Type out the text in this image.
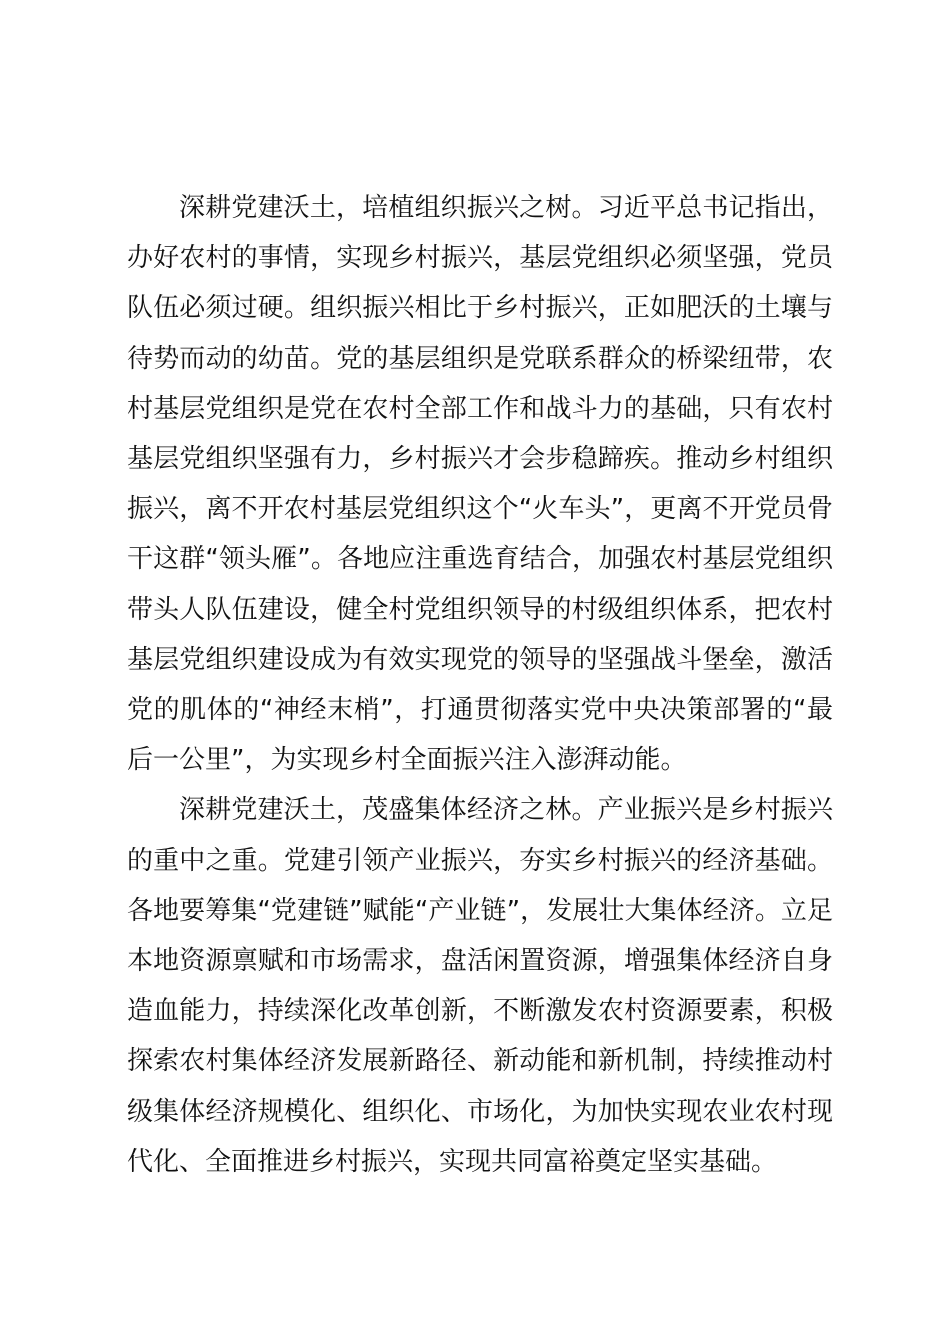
深耕党建沃土，培植组织振兴之树。习近平总书记指出，办好农村的事情，实现乡村振兴，基层党组织必须坚强，党员队伍必须过硬。组织振兴相比于乡村振兴，正如肥沃的土壤与待势而动的幼苗。党的基层组织是党联系群众的桥梁纽带，农村基层党组织是党在农村全部工作和战斗力的基础，只有农村基层党组织坚强有力，乡村振兴才会步稳蹄疾。推动乡村组织振兴，离不开农村基层党组织这个“火车头”，更离不开党员骨干这群“领头雁”。各地应注重选育结合，加强农村基层党组织带头人队伍建设，健全村党组织领导的村级组织体系，把农村基层党组织建设成为有效实现党的领导的坚强战斗堡垒，激活党的肌体的“神经末梢”，打通贯彻落实党中央决策部署的“最后一公里”，为实现乡村全面振兴注入澎湃动能。

深耕党建沃土，茂盛集体经济之林。产业振兴是乡村振兴的重中之重。党建引领产业振兴，夯实乡村振兴的经济基础。各地要筹集“党建链”赋能“产业链”，发展壮大集体经济。立足本地资源禀赋和市场需求，盘活闲置资源，增强集体经济自身造血能力，持续深化改革创新，不断激发农村资源要素，积极探索农村集体经济发展新路径、新动能和新机制，持续推动村级集体经济规模化、组织化、市场化，为加快实现农业农村现代化、全面推进乡村振兴，实现共同富裕奠定坚实基础。
